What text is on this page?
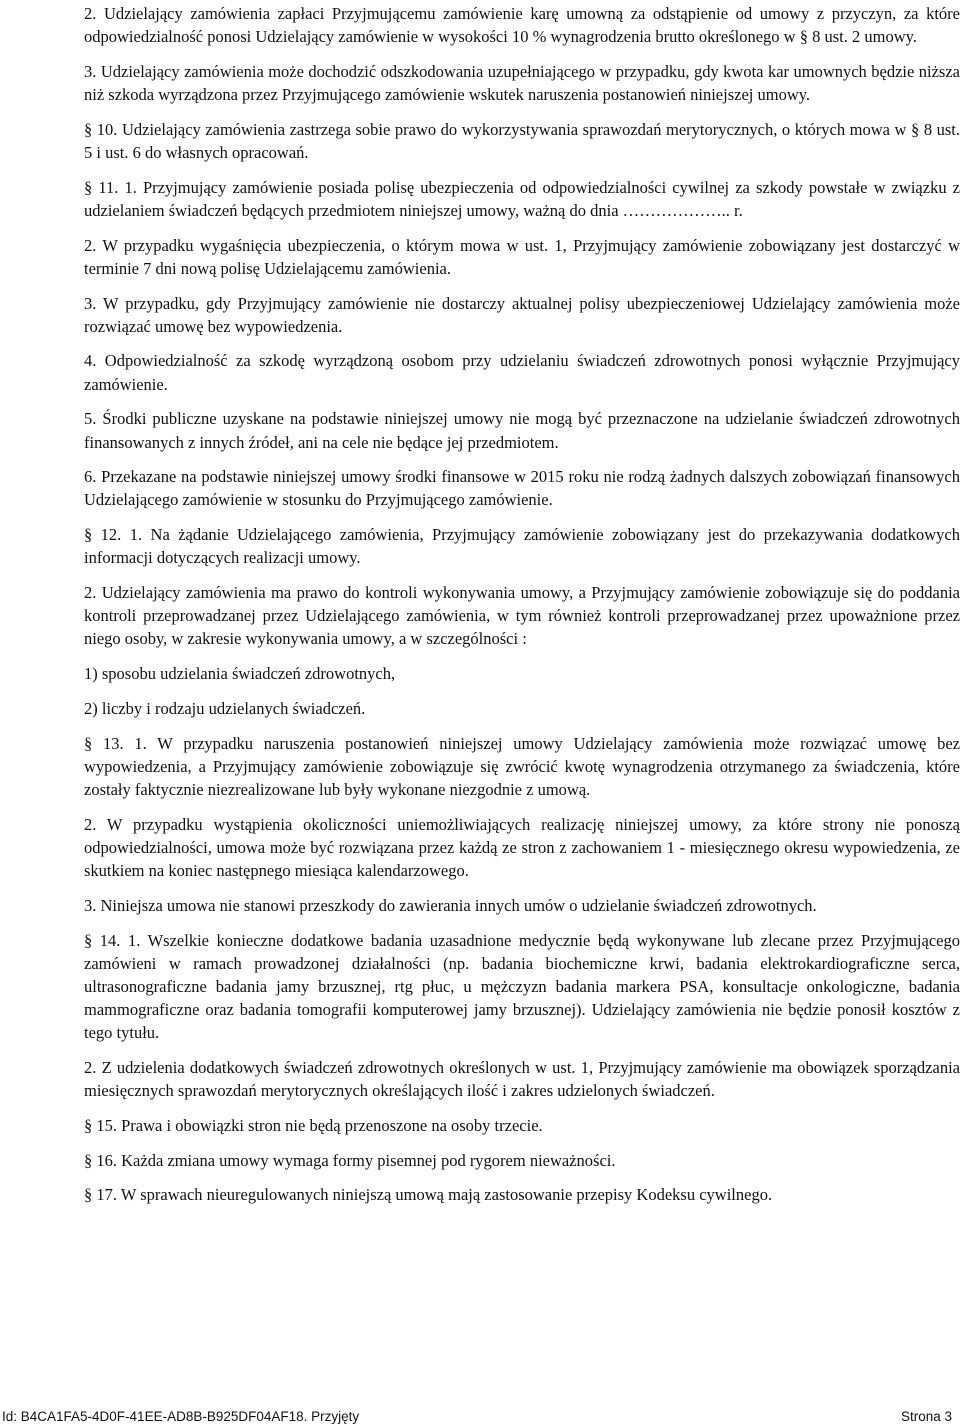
2. Udzielający zamówienia zapłaci Przyjmującemu zamówienie karę umowną za odstąpienie od umowy z przyczyn, za które odpowiedzialność ponosi Udzielający zamówienie w wysokości 10 % wynagrodzenia brutto określonego w § 8 ust. 2 umowy.

3. Udzielający zamówienia może dochodzić odszkodowania uzupełniającego w przypadku, gdy kwota kar umownych będzie niższa niż szkoda wyrządzona przez Przyjmującego zamówienie wskutek naruszenia postanowień niniejszej umowy.

§ 10. Udzielający zamówienia zastrzega sobie prawo do wykorzystywania sprawozdań merytorycznych, o których mowa w § 8 ust. 5 i ust. 6 do własnych opracowań.

§ 11. 1. Przyjmujący zamówienie posiada polisę ubezpieczenia od odpowiedzialności cywilnej za szkody powstałe w związku z udzielaniem świadczeń będących przedmiotem niniejszej umowy, ważną do dnia ……………….. r.

2. W przypadku wygaśnięcia ubezpieczenia, o którym mowa w ust. 1, Przyjmujący zamówienie zobowiązany jest dostarczyć w terminie 7 dni nową polisę Udzielającemu zamówienia.

3. W przypadku, gdy Przyjmujący zamówienie nie dostarczy aktualnej polisy ubezpieczeniowej Udzielający zamówienia może rozwiązać umowę bez wypowiedzenia.

4. Odpowiedzialność za szkodę wyrządzoną osobom przy udzielaniu świadczeń zdrowotnych ponosi wyłącznie Przyjmujący zamówienie.

5. Środki publiczne uzyskane na podstawie niniejszej umowy nie mogą być przeznaczone na udzielanie świadczeń zdrowotnych finansowanych z innych źródeł, ani na cele nie będące jej przedmiotem.

6. Przekazane na podstawie niniejszej umowy środki finansowe w 2015 roku nie rodzą żadnych dalszych zobowiązań finansowych Udzielającego zamówienie w stosunku do Przyjmującego zamówienie.

§ 12. 1. Na żądanie Udzielającego zamówienia, Przyjmujący zamówienie zobowiązany jest do przekazywania dodatkowych informacji dotyczących realizacji umowy.

2. Udzielający zamówienia ma prawo do kontroli wykonywania umowy, a Przyjmujący zamówienie zobowiązuje się do poddania kontroli przeprowadzanej przez Udzielającego zamówienia, w tym również kontroli przeprowadzanej przez upoważnione przez niego osoby, w zakresie wykonywania umowy, a w szczególności :

1) sposobu udzielania świadczeń zdrowotnych,

2) liczby i rodzaju udzielanych świadczeń.

§ 13. 1. W przypadku naruszenia postanowień niniejszej umowy Udzielający zamówienia może rozwiązać umowę bez wypowiedzenia, a Przyjmujący zamówienie zobowiązuje się zwrócić kwotę wynagrodzenia otrzymanego za świadczenia, które zostały faktycznie niezrealizowane lub były wykonane niezgodnie z umową.

2. W przypadku wystąpienia okoliczności uniemożliwiających realizację niniejszej umowy, za które strony nie ponoszą odpowiedzialności, umowa może być rozwiązana przez każdą ze stron z zachowaniem 1 - miesięcznego okresu wypowiedzenia, ze skutkiem na koniec następnego miesiąca kalendarzowego.

3. Niniejsza umowa nie stanowi przeszkody do zawierania innych umów o udzielanie świadczeń zdrowotnych.

§ 14. 1. Wszelkie konieczne dodatkowe badania uzasadnione medycznie będą wykonywane lub zlecane przez Przyjmującego zamówieni w ramach prowadzonej działalności (np. badania biochemiczne krwi, badania elektrokardiograficzne serca, ultrasonograficzne badania jamy brzusznej, rtg płuc, u mężczyzn badania markera PSA, konsultacje onkologiczne, badania mammograficzne oraz badania tomografii komputerowej jamy brzusznej). Udzielający zamówienia nie będzie ponosił kosztów z tego tytułu.

2. Z udzielenia dodatkowych świadczeń zdrowotnych określonych w ust. 1, Przyjmujący zamówienie ma obowiązek sporządzania miesięcznych sprawozdań merytorycznych określających ilość i zakres udzielonych świadczeń.

§ 15. Prawa i obowiązki stron nie będą przenoszone na osoby trzecie.

§ 16. Każda zmiana umowy wymaga formy pisemnej pod rygorem nieważności.

§ 17. W sprawach nieuregulowanych niniejszą umową mają zastosowanie przepisy Kodeksu cywilnego.

Id: B4CA1FA5-4D0F-41EE-AD8B-B925DF04AF18. Przyjęty	Strona 3
